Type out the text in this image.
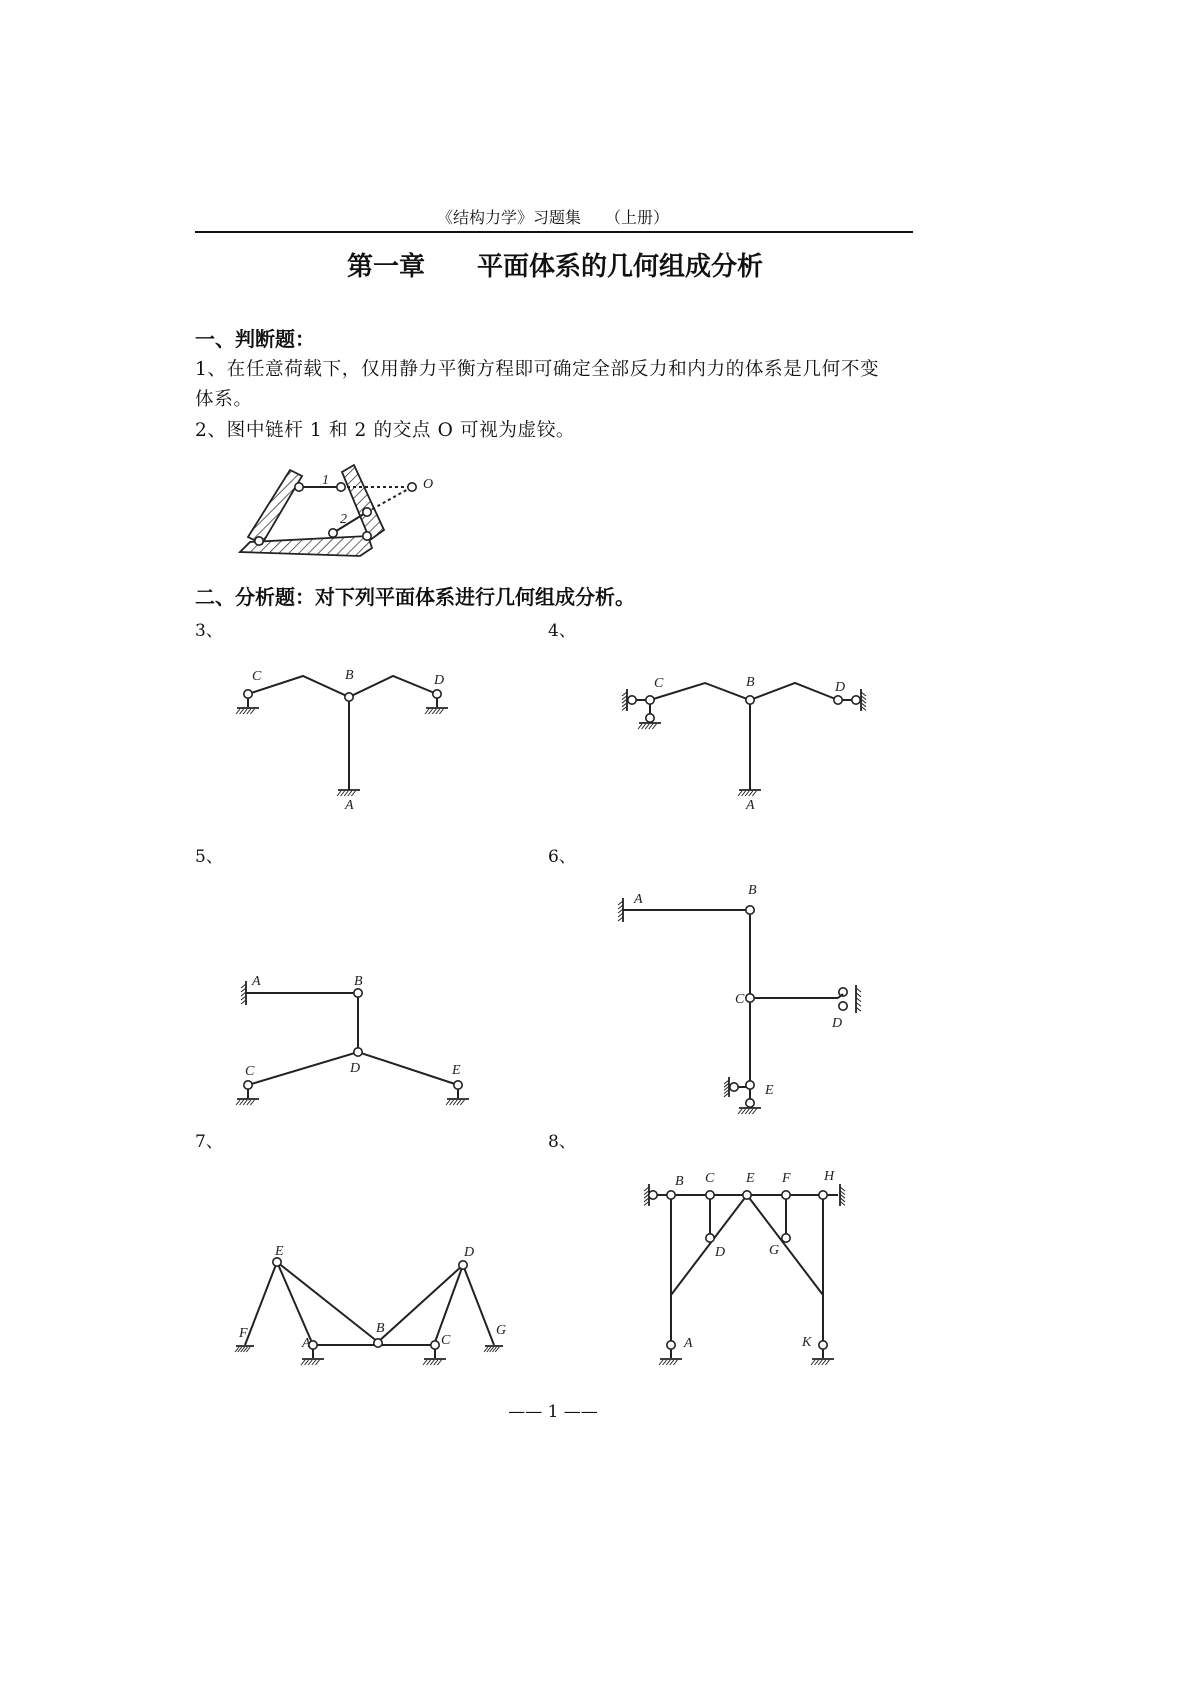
《结构力学》习题集　　（上册）
第一章　　平面体系的几何组成分析
一、判断题：
1、在任意荷载下，仅用静力平衡方程即可确定全部反力和内力的体系是几何不变
体系。
2、图中链杆 1 和 2 的交点 O 可视为虚铰。
二、分析题：对下列平面体系进行几何组成分析。
3、	4、
5、	6、
7、	8、
—— 1 ——
1
2
O
C	B	D
A
C	B	D
A
A	B
C	D	E
A
B
C
D
E
E	D
F
A
B
C
G
B C E F H
D	G
A	K
